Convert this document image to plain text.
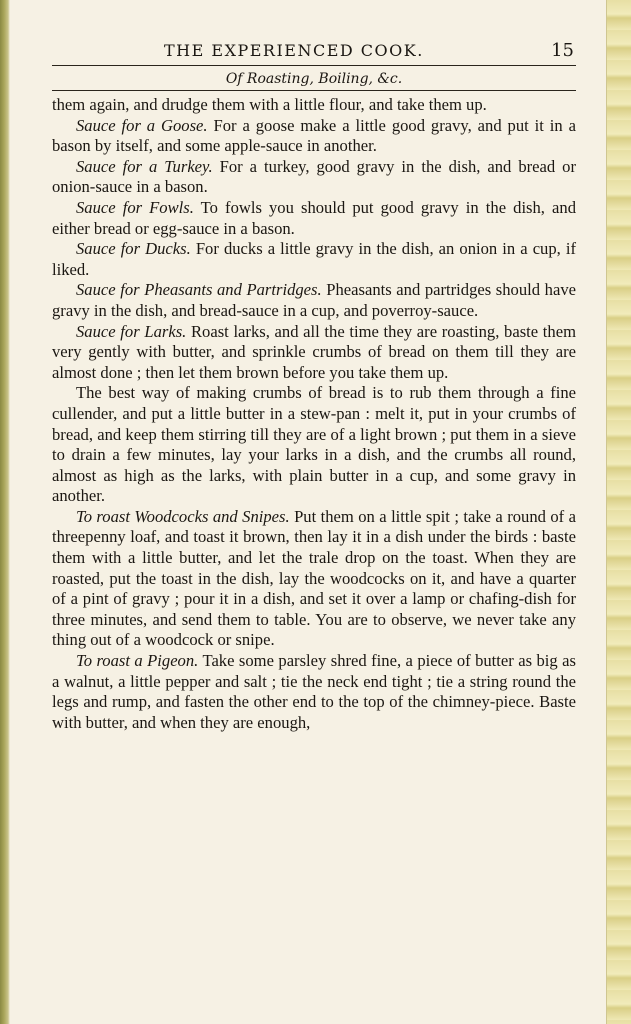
THE EXPERIENCED COOK.	15
Of Roasting, Boiling, &c.

them again, and drudge them with a little flour, and take them up.

Sauce for a Goose. For a goose make a little good gravy, and put it in a bason by itself, and some apple-sauce in another.

Sauce for a Turkey. For a turkey, good gravy in the dish, and bread or onion-sauce in a bason.

Sauce for Fowls. To fowls you should put good gravy in the dish, and either bread or egg-sauce in a bason.

Sauce for Ducks. For ducks a little gravy in the dish, an onion in a cup, if liked.

Sauce for Pheasants and Partridges. Pheasants and partridges should have gravy in the dish, and bread-sauce in a cup, and poverroy-sauce.

Sauce for Larks. Roast larks, and all the time they are roasting, baste them very gently with butter, and sprinkle crumbs of bread on them till they are almost done ; then let them brown before you take them up.

The best way of making crumbs of bread is to rub them through a fine cullender, and put a little butter in a stew-pan : melt it, put in your crumbs of bread, and keep them stirring till they are of a light brown ; put them in a sieve to drain a few minutes, lay your larks in a dish, and the crumbs all round, almost as high as the larks, with plain butter in a cup, and some gravy in another.

To roast Woodcocks and Snipes. Put them on a little spit ; take a round of a threepenny loaf, and toast it brown, then lay it in a dish under the birds : baste them with a little butter, and let the trale drop on the toast. When they are roasted, put the toast in the dish, lay the woodcocks on it, and have a quarter of a pint of gravy ; pour it in a dish, and set it over a lamp or chafing-dish for three minutes, and send them to table. You are to observe, we never take any thing out of a woodcock or snipe.

To roast a Pigeon. Take some parsley shred fine, a piece of butter as big as a walnut, a little pepper and salt ; tie the neck end tight ; tie a string round the legs and rump, and fasten the other end to the top of the chimney-piece. Baste with butter, and when they are enough,
